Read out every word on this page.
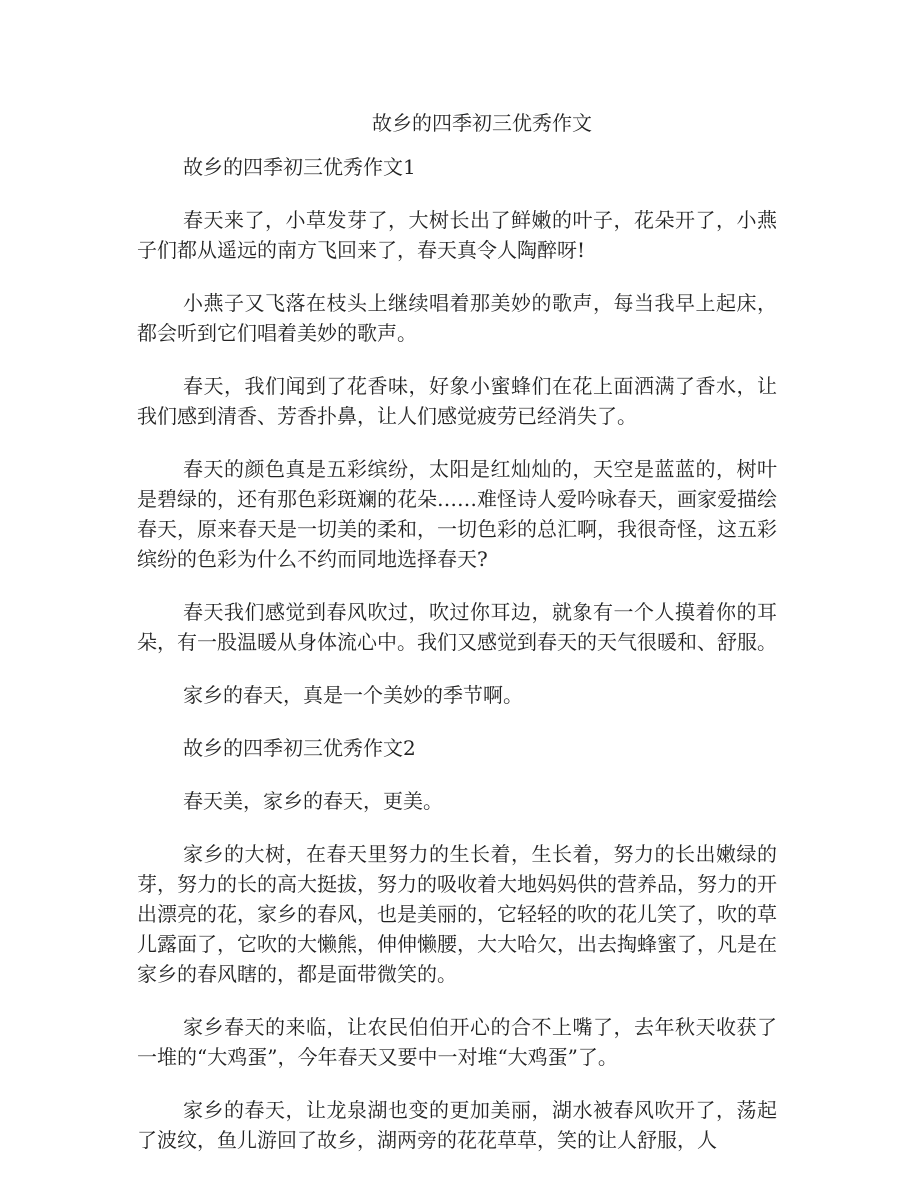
故乡的四季初三优秀作文

故乡的四季初三优秀作文1

春天来了，小草发芽了，大树长出了鲜嫩的叶子，花朵开了，小燕子们都从遥远的南方飞回来了，春天真令人陶醉呀!

小燕子又飞落在枝头上继续唱着那美妙的歌声，每当我早上起床，都会听到它们唱着美妙的歌声。

春天，我们闻到了花香味，好象小蜜蜂们在花上面洒满了香水，让我们感到清香、芳香扑鼻，让人们感觉疲劳已经消失了。

春天的颜色真是五彩缤纷，太阳是红灿灿的，天空是蓝蓝的，树叶是碧绿的，还有那色彩斑斓的花朵……难怪诗人爱吟咏春天，画家爱描绘春天，原来春天是一切美的柔和，一切色彩的总汇啊，我很奇怪，这五彩缤纷的色彩为什么不约而同地选择春天?

春天我们感觉到春风吹过，吹过你耳边，就象有一个人摸着你的耳朵，有一股温暖从身体流心中。我们又感觉到春天的天气很暖和、舒服。

家乡的春天，真是一个美妙的季节啊。

故乡的四季初三优秀作文2

春天美，家乡的春天，更美。

家乡的大树，在春天里努力的生长着，生长着，努力的长出嫩绿的芽，努力的长的高大挺拔，努力的吸收着大地妈妈供的营养品，努力的开出漂亮的花，家乡的春风，也是美丽的，它轻轻的吹的花儿笑了，吹的草儿露面了，它吹的大懒熊，伸伸懒腰，大大哈欠，出去掏蜂蜜了，凡是在家乡的春风瞎的，都是面带微笑的。

家乡春天的来临，让农民伯伯开心的合不上嘴了，去年秋天收获了一堆的“大鸡蛋”，今年春天又要中一对堆“大鸡蛋”了。

家乡的春天，让龙泉湖也变的更加美丽，湖水被春风吹开了，荡起了波纹，鱼儿游回了故乡，湖两旁的花花草草，笑的让人舒服，人
